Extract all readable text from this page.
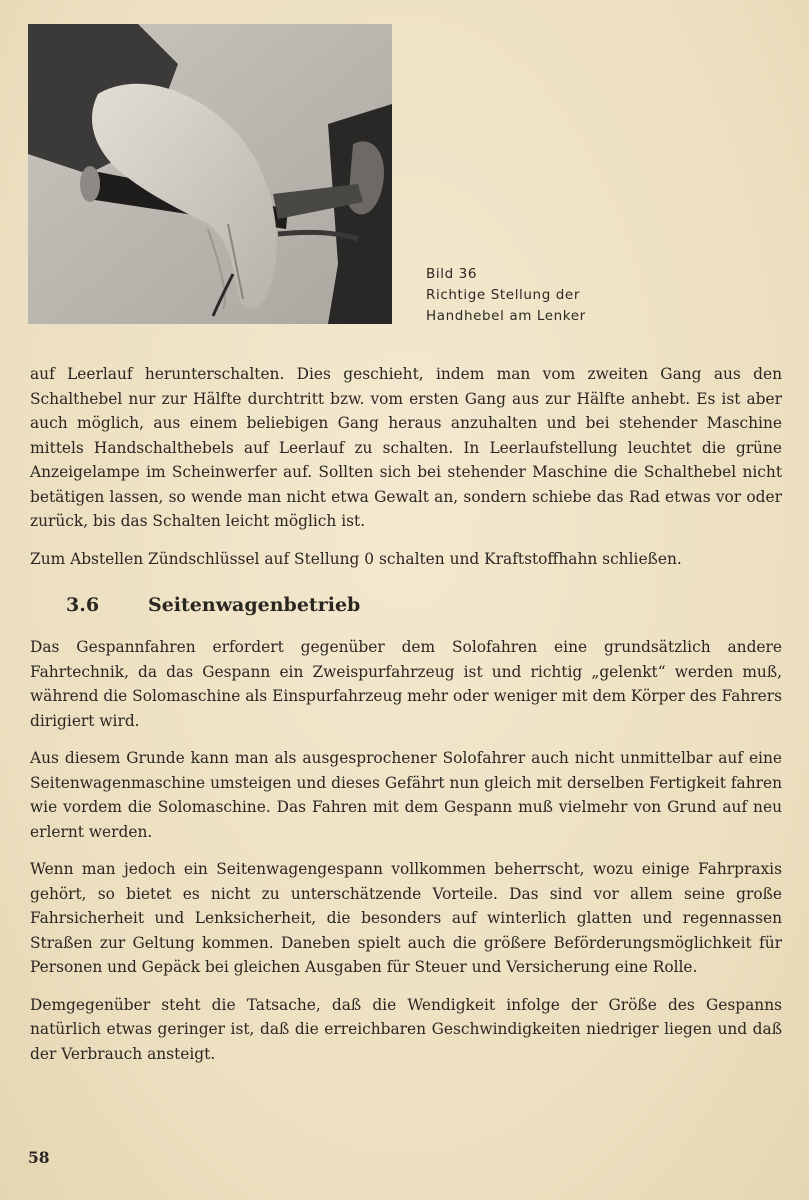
Bild 36
Richtige Stellung der
Handhebel am Lenker

auf Leerlauf herunterschalten. Dies geschieht, indem man vom zweiten Gang aus den Schalthebel nur zur Hälfte durchtritt bzw. vom ersten Gang aus zur Hälfte anhebt. Es ist aber auch möglich, aus einem beliebigen Gang heraus anzuhalten und bei stehender Maschine mittels Handschalthebels auf Leerlauf zu schalten. In Leerlaufstellung leuchtet die grüne Anzeigelampe im Scheinwerfer auf. Sollten sich bei stehender Maschine die Schalthebel nicht betätigen lassen, so wende man nicht etwa Gewalt an, sondern schiebe das Rad etwas vor oder zurück, bis das Schalten leicht möglich ist.

Zum Abstellen Zündschlüssel auf Stellung 0 schalten und Kraftstoffhahn schließen.

3.6	Seitenwagenbetrieb

Das Gespannfahren erfordert gegenüber dem Solofahren eine grundsätzlich andere Fahrtechnik, da das Gespann ein Zweispurfahrzeug ist und richtig „gelenkt“ werden muß, während die Solomaschine als Einspurfahrzeug mehr oder weniger mit dem Körper des Fahrers dirigiert wird.

Aus diesem Grunde kann man als ausgesprochener Solofahrer auch nicht unmittelbar auf eine Seitenwagenmaschine umsteigen und dieses Gefährt nun gleich mit derselben Fertigkeit fahren wie vordem die Solomaschine. Das Fahren mit dem Gespann muß vielmehr von Grund auf neu erlernt werden.

Wenn man jedoch ein Seitenwagengespann vollkommen beherrscht, wozu einige Fahrpraxis gehört, so bietet es nicht zu unterschätzende Vorteile. Das sind vor allem seine große Fahrsicherheit und Lenksicherheit, die besonders auf winterlich glatten und regennassen Straßen zur Geltung kommen. Daneben spielt auch die größere Beförderungsmöglichkeit für Personen und Gepäck bei gleichen Ausgaben für Steuer und Versicherung eine Rolle.

Demgegenüber steht die Tatsache, daß die Wendigkeit infolge der Größe des Gespanns natürlich etwas geringer ist, daß die erreichbaren Geschwindigkeiten niedriger liegen und daß der Verbrauch ansteigt.

58
